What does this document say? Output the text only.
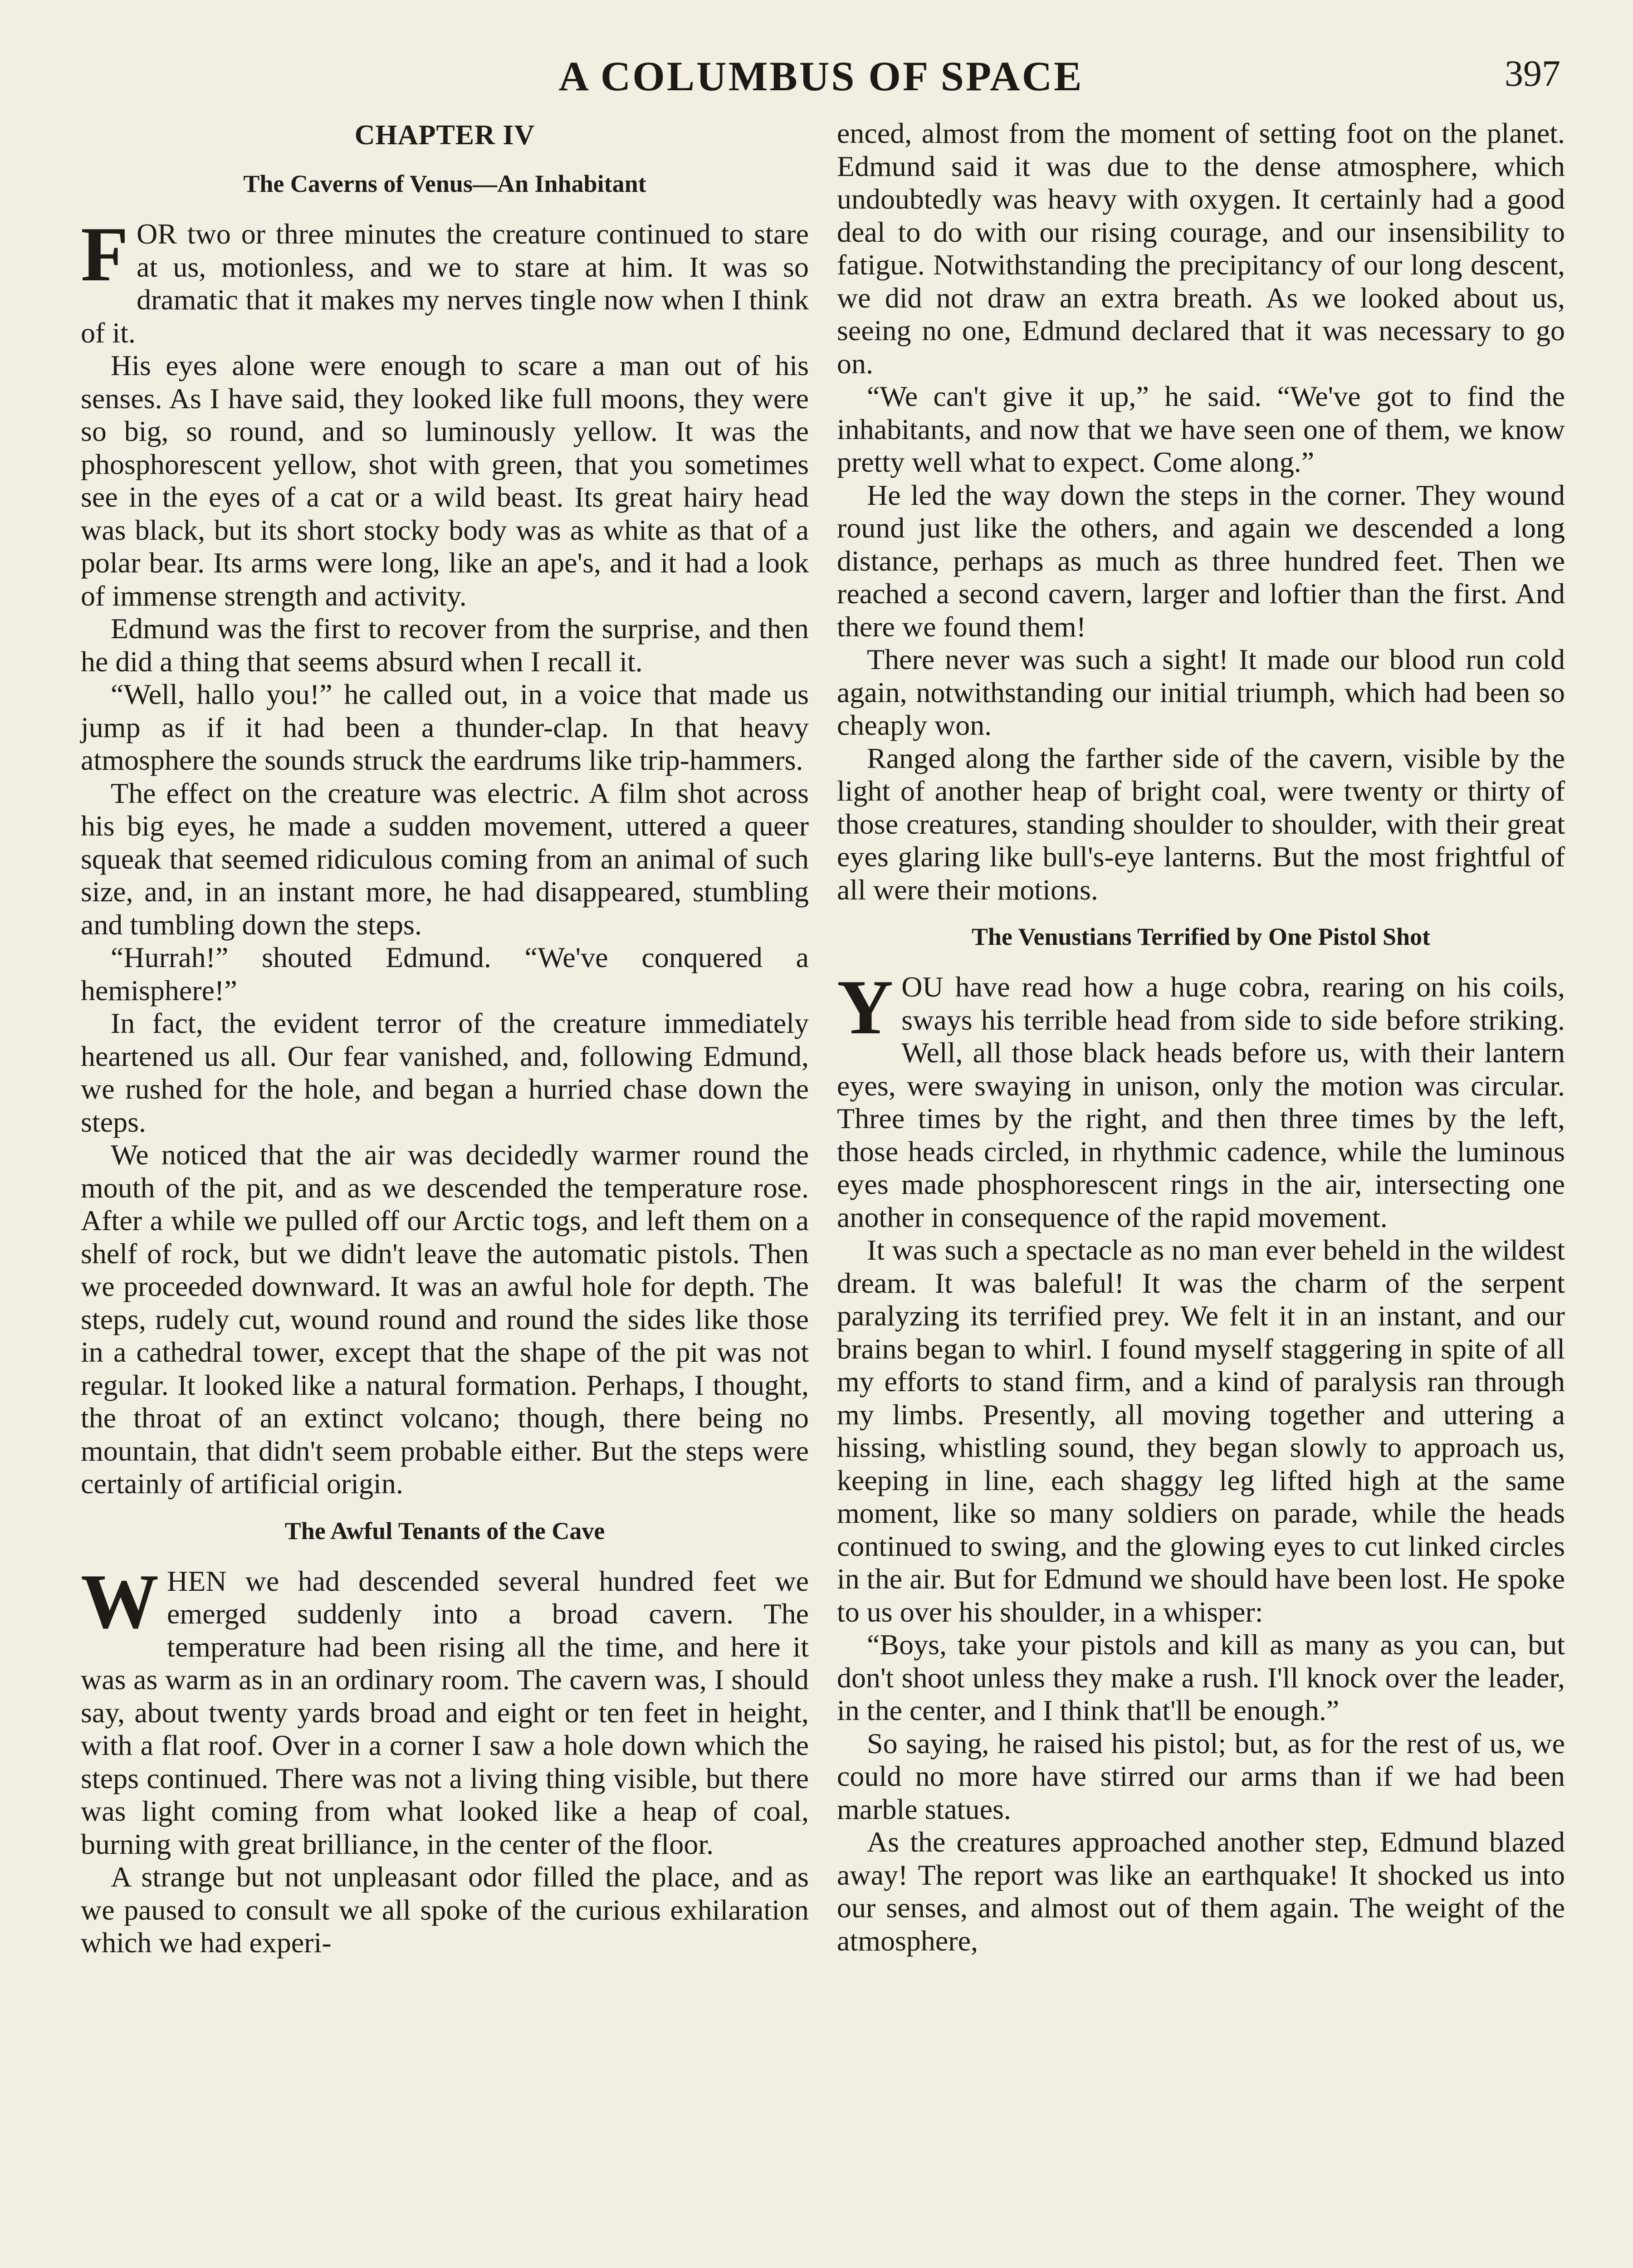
A COLUMBUS OF SPACE	397
CHAPTER IV
The Caverns of Venus—An Inhabitant

FOR two or three minutes the creature continued to stare at us, motionless, and we to stare at him. It was so dramatic that it makes my nerves tingle now when I think of it.

His eyes alone were enough to scare a man out of his senses. As I have said, they looked like full moons, they were so big, so round, and so luminously yellow. It was the phosphorescent yellow, shot with green, that you sometimes see in the eyes of a cat or a wild beast. Its great hairy head was black, but its short stocky body was as white as that of a polar bear. Its arms were long, like an ape's, and it had a look of immense strength and activity.

Edmund was the first to recover from the surprise, and then he did a thing that seems absurd when I recall it.

“Well, hallo you!” he called out, in a voice that made us jump as if it had been a thunder-clap. In that heavy atmosphere the sounds struck the eardrums like trip-hammers.

The effect on the creature was electric. A film shot across his big eyes, he made a sudden movement, uttered a queer squeak that seemed ridiculous coming from an animal of such size, and, in an instant more, he had disappeared, stumbling and tumbling down the steps.

“Hurrah!” shouted Edmund. “We've conquered a hemisphere!”

In fact, the evident terror of the creature immediately heartened us all. Our fear vanished, and, following Edmund, we rushed for the hole, and began a hurried chase down the steps.

We noticed that the air was decidedly warmer round the mouth of the pit, and as we descended the temperature rose. After a while we pulled off our Arctic togs, and left them on a shelf of rock, but we didn't leave the automatic pistols. Then we proceeded downward. It was an awful hole for depth. The steps, rudely cut, wound round and round the sides like those in a cathedral tower, except that the shape of the pit was not regular. It looked like a natural formation. Perhaps, I thought, the throat of an extinct volcano; though, there being no mountain, that didn't seem probable either. But the steps were certainly of artificial origin.

The Awful Tenants of the Cave

WHEN we had descended several hundred feet we emerged suddenly into a broad cavern. The temperature had been rising all the time, and here it was as warm as in an ordinary room. The cavern was, I should say, about twenty yards broad and eight or ten feet in height, with a flat roof. Over in a corner I saw a hole down which the steps continued. There was not a living thing visible, but there was light coming from what looked like a heap of coal, burning with great brilliance, in the center of the floor.

A strange but not unpleasant odor filled the place, and as we paused to consult we all spoke of the curious exhilaration which we had experi-

enced, almost from the moment of setting foot on the planet. Edmund said it was due to the dense atmosphere, which undoubtedly was heavy with oxygen. It certainly had a good deal to do with our rising courage, and our insensibility to fatigue. Notwithstanding the precipitancy of our long descent, we did not draw an extra breath. As we looked about us, seeing no one, Edmund declared that it was necessary to go on.

“We can't give it up,” he said. “We've got to find the inhabitants, and now that we have seen one of them, we know pretty well what to expect. Come along.”

He led the way down the steps in the corner. They wound round just like the others, and again we descended a long distance, perhaps as much as three hundred feet. Then we reached a second cavern, larger and loftier than the first. And there we found them!

There never was such a sight! It made our blood run cold again, notwithstanding our initial triumph, which had been so cheaply won.

Ranged along the farther side of the cavern, visible by the light of another heap of bright coal, were twenty or thirty of those creatures, standing shoulder to shoulder, with their great eyes glaring like bull's-eye lanterns. But the most frightful of all were their motions.

The Venustians Terrified by One Pistol Shot

YOU have read how a huge cobra, rearing on his coils, sways his terrible head from side to side before striking. Well, all those black heads before us, with their lantern eyes, were swaying in unison, only the motion was circular. Three times by the right, and then three times by the left, those heads circled, in rhythmic cadence, while the luminous eyes made phosphorescent rings in the air, intersecting one another in consequence of the rapid movement.

It was such a spectacle as no man ever beheld in the wildest dream. It was baleful! It was the charm of the serpent paralyzing its terrified prey. We felt it in an instant, and our brains began to whirl. I found myself staggering in spite of all my efforts to stand firm, and a kind of paralysis ran through my limbs. Presently, all moving together and uttering a hissing, whistling sound, they began slowly to approach us, keeping in line, each shaggy leg lifted high at the same moment, like so many soldiers on parade, while the heads continued to swing, and the glowing eyes to cut linked circles in the air. But for Edmund we should have been lost. He spoke to us over his shoulder, in a whisper:

“Boys, take your pistols and kill as many as you can, but don't shoot unless they make a rush. I'll knock over the leader, in the center, and I think that'll be enough.”

So saying, he raised his pistol; but, as for the rest of us, we could no more have stirred our arms than if we had been marble statues.

As the creatures approached another step, Edmund blazed away! The report was like an earthquake! It shocked us into our senses, and almost out of them again. The weight of the atmosphere,
